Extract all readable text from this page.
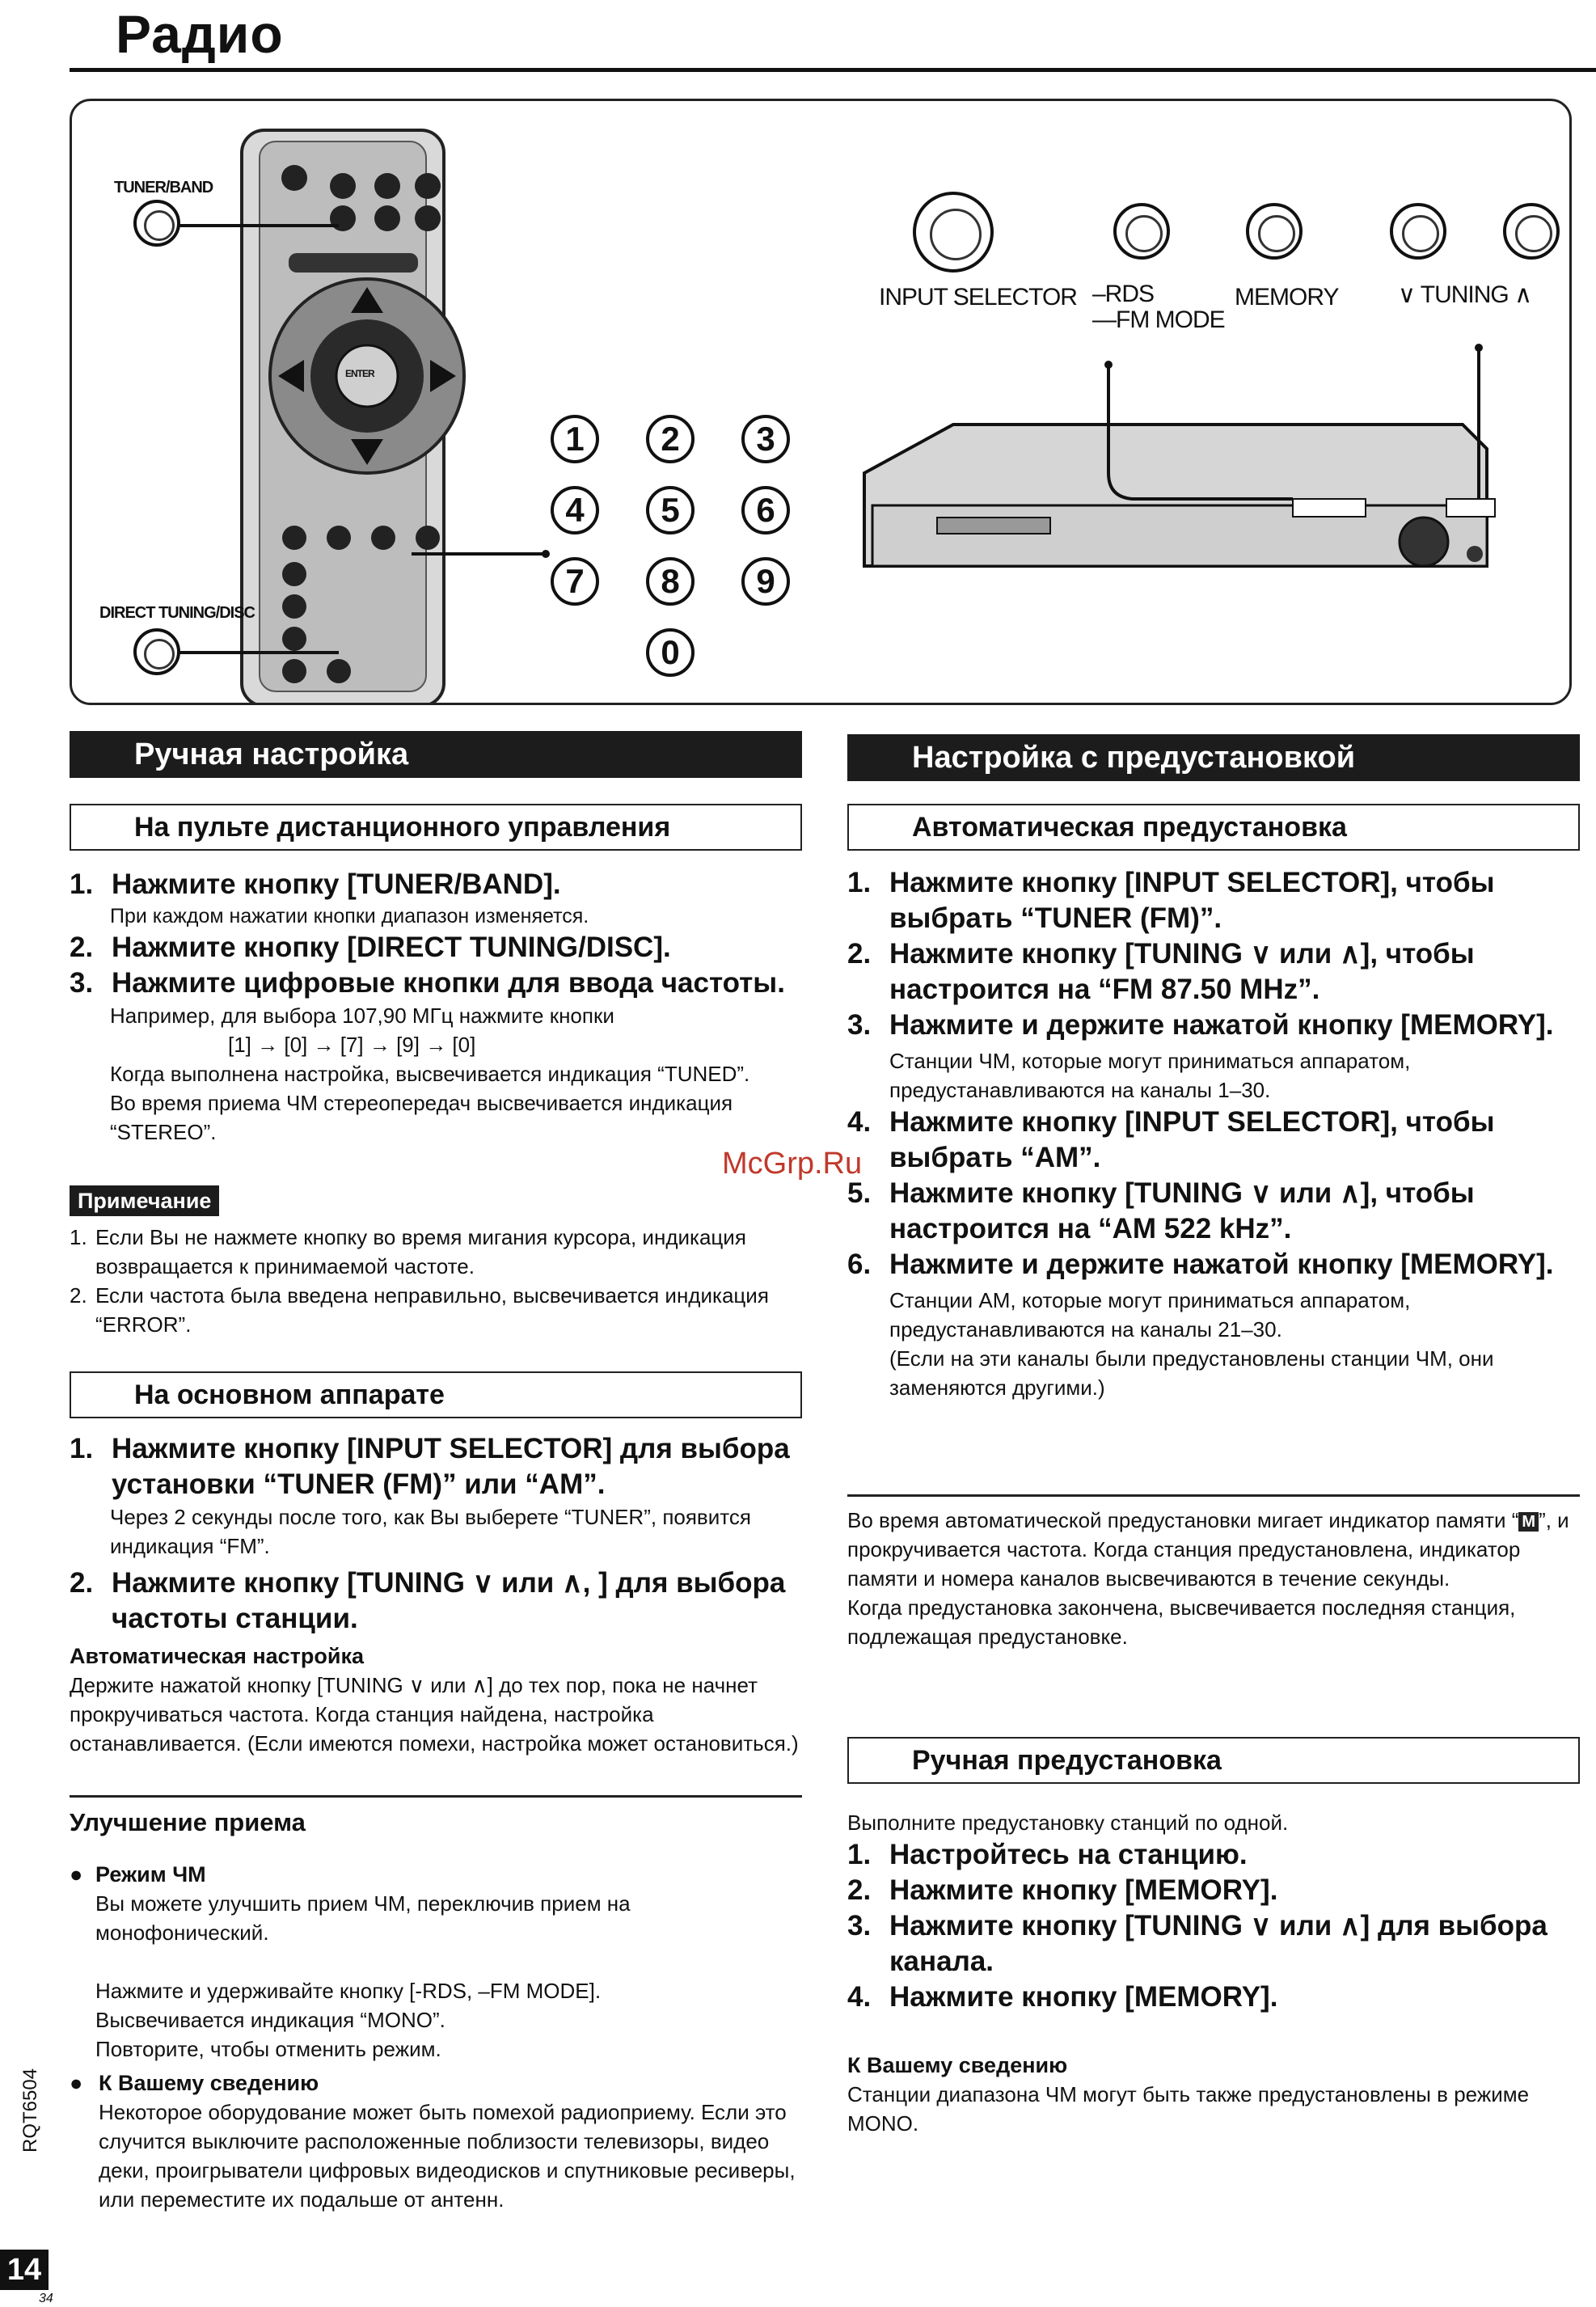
Радио
TUNER/BAND
DIRECT TUNING/DISC
ENTER
1	2	3
4	5	6
7	8	9
0
INPUT SELECTOR –RDS
—FM MODE
MEMORY ∨ TUNING ∧
Ручная настройка
На пульте дистанционного управления
1. Нажмите кнопку [TUNER/BAND].
При каждом нажатии кнопки диапазон изменяется.
2. Нажмите кнопку [DIRECT TUNING/DISC].
3. Нажмите цифровые кнопки для ввода частоты.
Например, для выбора 107,90 МГц нажмите кнопки
[1] → [0] → [7] → [9] → [0]
Когда выполнена настройка, высвечивается индикация “TUNED”.
Во время приема ЧМ стереопередач высвечивается индикация “STEREO”.
Примечание
1. Если Вы не нажмете кнопку во время мигания курсора, индикация возвращается к принимаемой частоте.
2. Если частота была введена неправильно, высвечивается индикация “ERROR”.
На основном аппарате
1. Нажмите кнопку [INPUT SELECTOR] для выбора установки “TUNER (FM)” или “AM”.
Через 2 секунды после того, как Вы выберете “TUNER”, появится индикация “FM”.
2. Нажмите кнопку [TUNING ∨ или ∧, ] для выбора частоты станции.
Автоматическая настройка
Держите нажатой кнопку [TUNING ∨ или ∧] до тех пор, пока не начнет прокручиваться частота. Когда станция найдена, настройка останавливается. (Если имеются помехи, настройка может остановиться.)
Улучшение приема
● Режим ЧМ
Вы можете улучшить прием ЧМ, переключив прием на монофонический.
Нажмите и удерживайте кнопку [-RDS, –FM MODE].
Высвечивается индикация “MONO”.
Повторите, чтобы отменить режим.
● К Вашему сведению
Некоторое оборудование может быть помехой радиоприему. Если это случится выключите расположенные поблизости телевизоры, видео деки, проигрыватели цифровых видеодисков и спутниковые ресиверы, или переместите их подальше от антенн.
Настройка с предустановкой
Автоматическая предустановка
1. Нажмите кнопку [INPUT SELECTOR], чтобы выбрать “TUNER (FM)”.
2. Нажмите кнопку [TUNING ∨ или ∧], чтобы настроится на “FM 87.50 MHz”.
3. Нажмите и держите нажатой кнопку [MEMORY].
Станции ЧМ, которые могут приниматься аппаратом, предустанавливаются на каналы 1–30.
4. Нажмите кнопку [INPUT SELECTOR], чтобы выбрать “AM”.
5. Нажмите кнопку [TUNING ∨ или ∧], чтобы настроится на “AM 522 kHz”.
6. Нажмите и держите нажатой кнопку [MEMORY].
Станции АМ, которые могут приниматься аппаратом, предустанавливаются на каналы 21–30.
(Если на эти каналы были предустановлены станции ЧМ, они заменяются другими.)
Во время автоматической предустановки мигает индикатор памяти “ M ”, и прокручивается частота. Когда станция предустановлена, индикатор памяти и номера каналов высвечиваются в течение секунды.
Когда предустановка закончена, высвечивается последняя станция, подлежащая предустановке.
Ручная предустановка
Выполните предустановку станций по одной.
1. Настройтесь на станцию.
2. Нажмите кнопку [MEMORY].
3. Нажмите кнопку [TUNING ∨ или ∧] для выбора канала.
4. Нажмите кнопку [MEMORY].
К Вашему сведению
Станции диапазона ЧМ могут быть также предустановлены в режиме MONO.
McGrp.Ru
RQT6504
14
34
